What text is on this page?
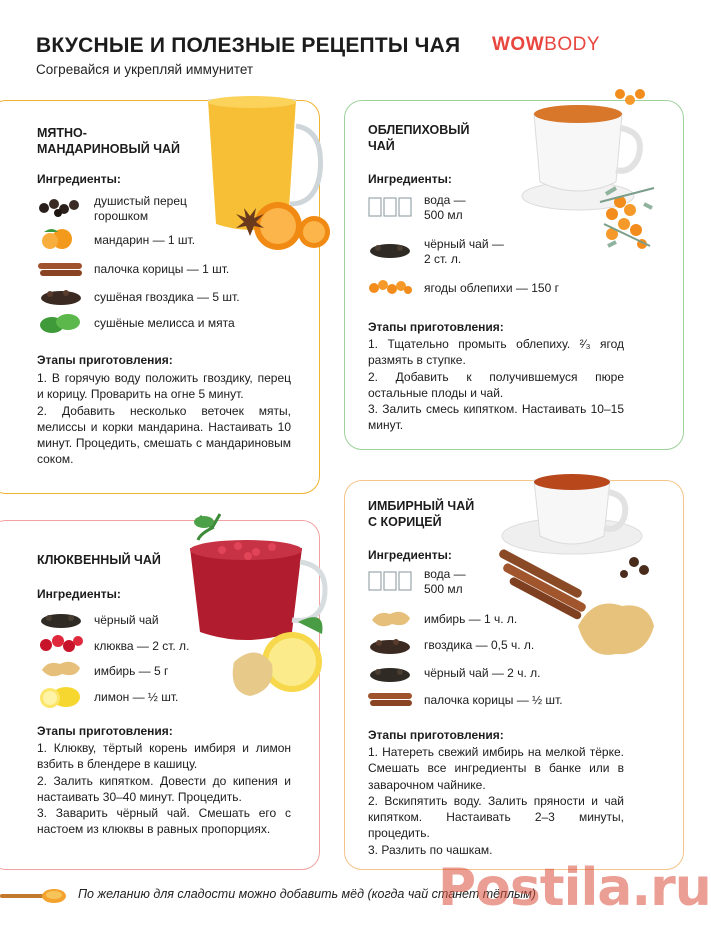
ВКУСНЫЕ И ПОЛЕЗНЫЕ РЕЦЕПТЫ ЧАЯ
Согревайся и укрепляй иммунитет
WOWBODY
МЯТНО-
МАНДАРИНОВЫЙ ЧАЙ
Ингредиенты:
душистый перец
горошком
мандарин — 1 шт.
палочка корицы — 1 шт.
сушёная гвоздика — 5 шт.
сушёные мелисса и мята
Этапы приготовления:

1. В горячую воду положить гвоздику, перец и корицу. Проварить на огне 5 минут.

2. Добавить несколько веточек мяты, мелиссы и корки мандарина. Настаивать 10 минут. Процедить, смешать с мандариновым соком.

ОБЛЕПИХОВЫЙ
ЧАЙ
Ингредиенты:
вода —
500 мл
чёрный чай —
2 ст. л.
ягоды облепихи — 150 г
Этапы приготовления:

1. Тщательно промыть облепиху. ²⁄₃ ягод размять в ступке.

2. Добавить к получившемуся пюре остальные плоды и чай.

3. Залить смесь кипятком. Настаивать 10–15 минут.

КЛЮКВЕННЫЙ ЧАЙ
Ингредиенты:
чёрный чай
клюква — 2 ст. л.
имбирь — 5 г
лимон — ½ шт.
Этапы приготовления:

1. Клюкву, тёртый корень имбиря и лимон взбить в блендере в кашицу.

2. Залить кипятком. Довести до кипения и настаивать 30–40 минут. Процедить.

3. Заварить чёрный чай. Смешать его с настоем из клюквы в равных пропорциях.

ИМБИРНЫЙ ЧАЙ
С КОРИЦЕЙ
Ингредиенты:
вода —
500 мл
имбирь — 1 ч. л.
гвоздика — 0,5 ч. л.
чёрный чай — 2 ч. л.
палочка корицы — ½ шт.
Этапы приготовления:

1. Натереть свежий имбирь на мелкой тёрке. Смешать все ингредиенты в банке или в заварочном чайнике.

2. Вскипятить воду. Залить пряности и чай кипятком. Настаивать 2–3 минуты, процедить.

3. Разлить по чашкам.

По желанию для сладости можно добавить мёд (когда чай станет тёплым)
Postila.ru
